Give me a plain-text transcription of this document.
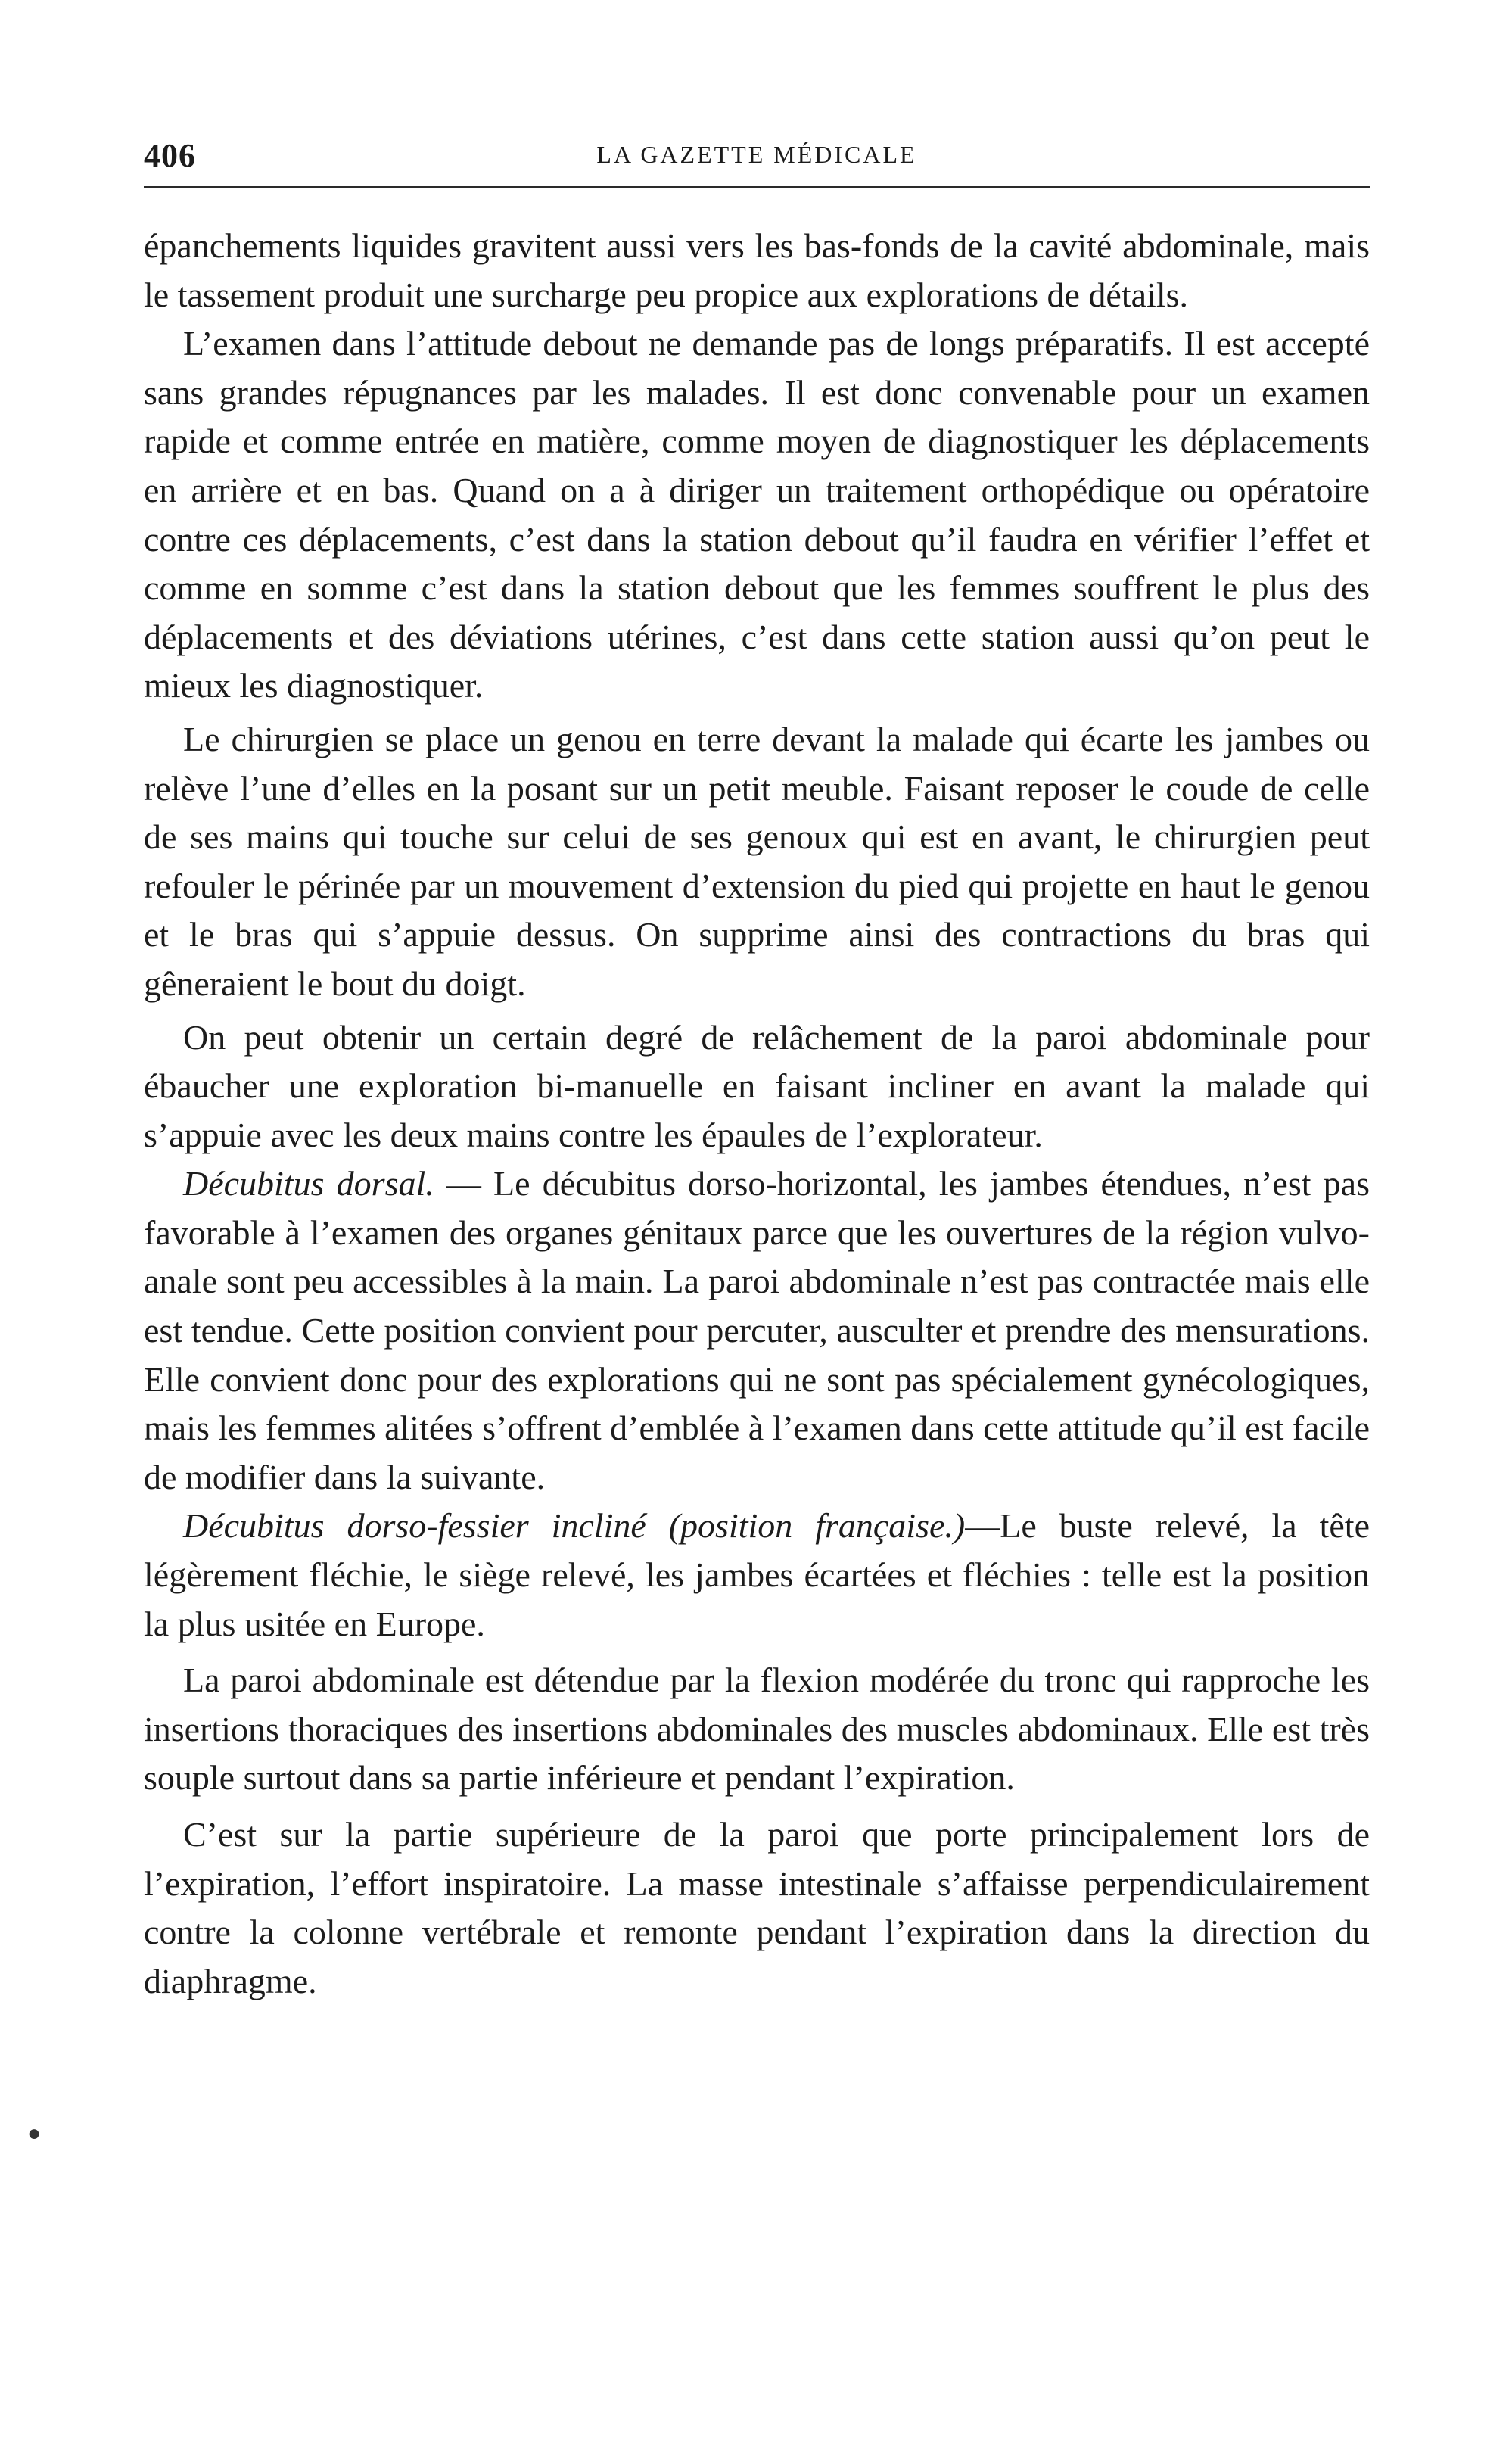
406	LA GAZETTE MÉDICALE

épanchements liquides gravitent aussi vers les bas-fonds de la cavité abdominale, mais le tassement produit une surcharge peu propice aux explorations de détails.

L’examen dans l’attitude debout ne demande pas de longs préparatifs. Il est accepté sans grandes répugnances par les malades. Il est donc convenable pour un examen rapide et comme entrée en matière, comme moyen de diagnostiquer les déplacements en arrière et en bas. Quand on a à diriger un traitement orthopédique ou opératoire contre ces déplacements, c’est dans la station debout qu’il faudra en vérifier l’effet et comme en somme c’est dans la station debout que les femmes souffrent le plus des déplacements et des déviations utérines, c’est dans cette station aussi qu’on peut le mieux les diagnostiquer.

Le chirurgien se place un genou en terre devant la malade qui écarte les jambes ou relève l’une d’elles en la posant sur un petit meuble. Faisant reposer le coude de celle de ses mains qui touche sur celui de ses genoux qui est en avant, le chirurgien peut refouler le périnée par un mouvement d’extension du pied qui projette en haut le genou et le bras qui s’appuie dessus. On supprime ainsi des contractions du bras qui gêneraient le bout du doigt.

On peut obtenir un certain degré de relâchement de la paroi abdominale pour ébaucher une exploration bi-manuelle en faisant incliner en avant la malade qui s’appuie avec les deux mains contre les épaules de l’explorateur.

Décubitus dorsal. — Le décubitus dorso-horizontal, les jambes étendues, n’est pas favorable à l’examen des organes génitaux parce que les ouvertures de la région vulvo-anale sont peu accessibles à la main. La paroi abdominale n’est pas contractée mais elle est tendue. Cette position convient pour percuter, ausculter et prendre des mensurations. Elle convient donc pour des explorations qui ne sont pas spécialement gynécologiques, mais les femmes alitées s’offrent d’emblée à l’examen dans cette attitude qu’il est facile de modifier dans la suivante.

Décubitus dorso-fessier incliné (position française.)—Le buste relevé, la tête légèrement fléchie, le siège relevé, les jambes écartées et fléchies : telle est la position la plus usitée en Europe.

La paroi abdominale est détendue par la flexion modérée du tronc qui rapproche les insertions thoraciques des insertions abdominales des muscles abdominaux. Elle est très souple surtout dans sa partie inférieure et pendant l’expiration.

C’est sur la partie supérieure de la paroi que porte principalement lors de l’expiration, l’effort inspiratoire. La masse intestinale s’affaisse perpendiculairement contre la colonne vertébrale et remonte pendant l’expiration dans la direction du diaphragme.

●
